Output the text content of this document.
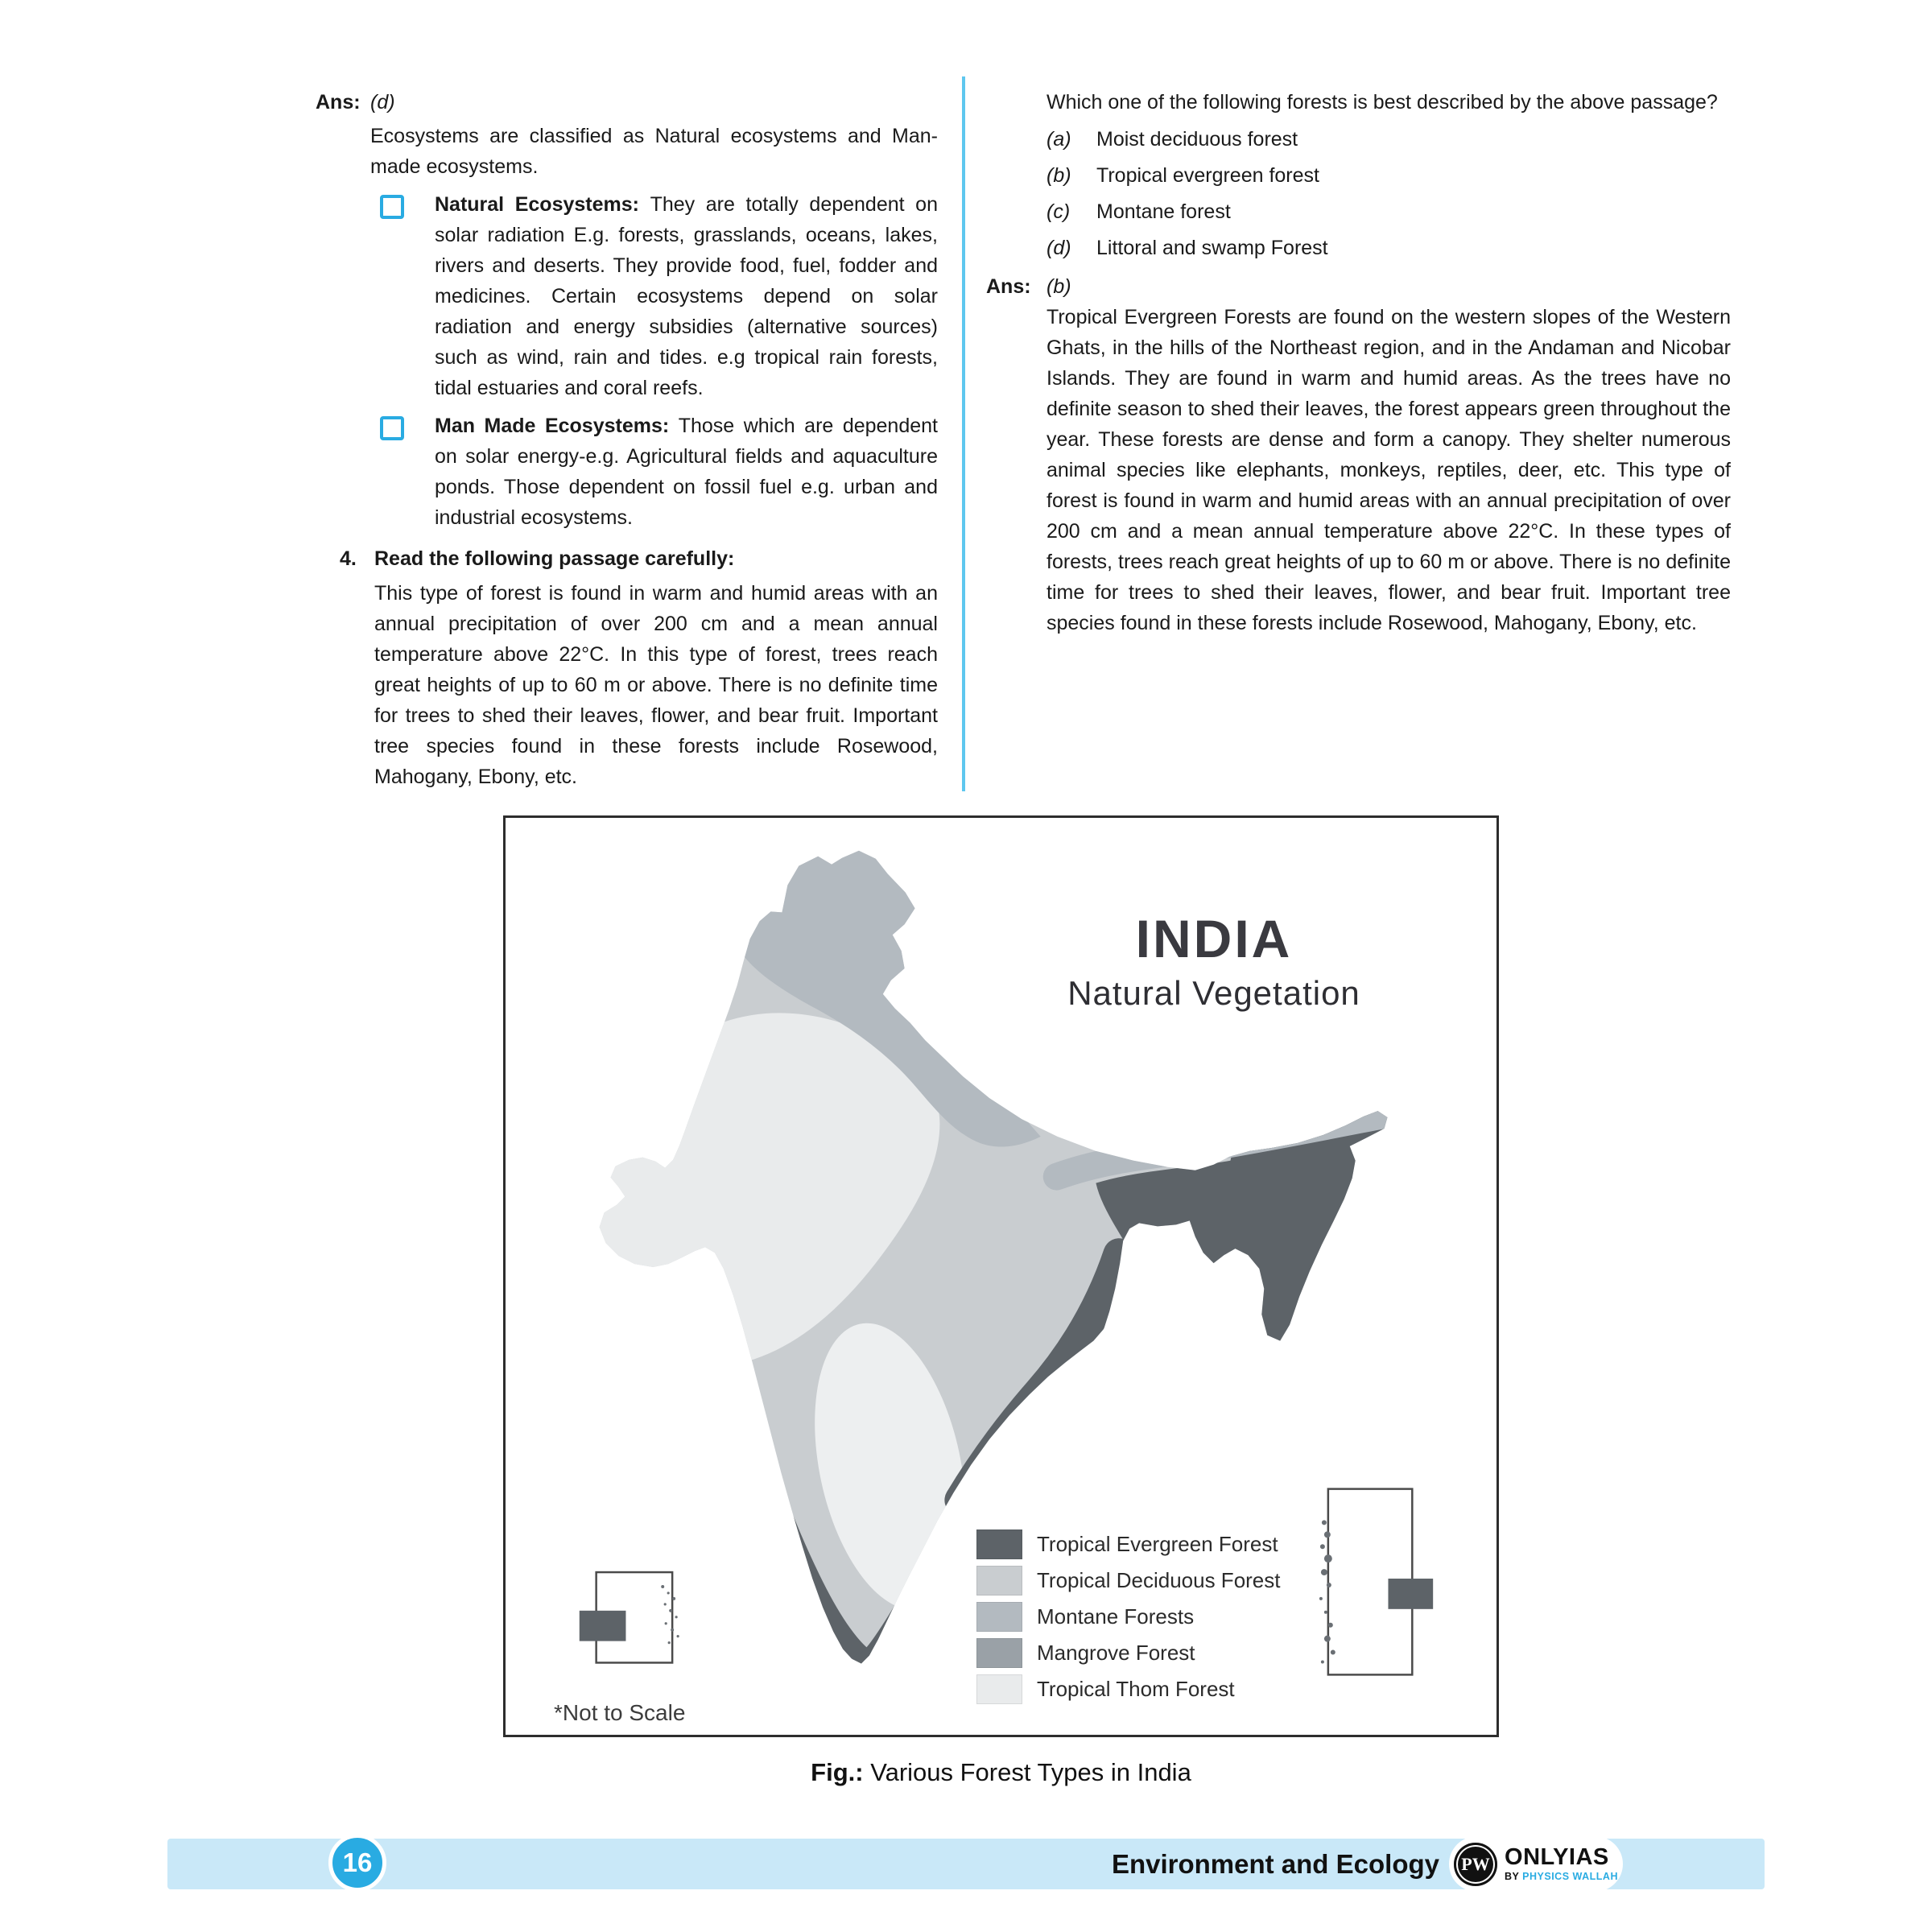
Ans: (d)
Ecosystems are classified as Natural ecosystems and Man-made ecosystems.
Natural Ecosystems: They are totally dependent on solar radiation E.g. forests, grasslands, oceans, lakes, rivers and deserts. They provide food, fuel, fodder and medicines. Certain ecosystems depend on solar radiation and energy subsidies (alternative sources) such as wind, rain and tides. e.g tropical rain forests, tidal estuaries and coral reefs.
Man Made Ecosystems: Those which are dependent on solar energy-e.g. Agricultural fields and aquaculture ponds. Those dependent on fossil fuel e.g. urban and industrial ecosystems.
4. Read the following passage carefully:
This type of forest is found in warm and humid areas with an annual precipitation of over 200 cm and a mean annual temperature above 22°C. In this type of forest, trees reach great heights of up to 60 m or above. There is no definite time for trees to shed their leaves, flower, and bear fruit. Important tree species found in these forests include Rosewood, Mahogany, Ebony, etc.
Which one of the following forests is best described by the above passage?
(a)	Moist deciduous forest
(b)	Tropical evergreen forest
(c)	Montane forest
(d)	Littoral and swamp Forest
Ans: (b)
Tropical Evergreen Forests are found on the western slopes of the Western Ghats, in the hills of the Northeast region, and in the Andaman and Nicobar Islands. They are found in warm and humid areas. As the trees have no definite season to shed their leaves, the forest appears green throughout the year. These forests are dense and form a canopy. They shelter numerous animal species like elephants, monkeys, reptiles, deer, etc. This type of forest is found in warm and humid areas with an annual precipitation of over 200 cm and a mean annual temperature above 22°C. In these types of forests, trees reach great heights of up to 60 m or above. There is no definite time for trees to shed their leaves, flower, and bear fruit. Important tree species found in these forests include Rosewood, Mahogany, Ebony, etc.
INDIA
Natural Vegetation
Tropical Evergreen Forest
Tropical Deciduous Forest
Montane Forests
Mangrove Forest
Tropical Thom Forest
*Not to Scale
Fig.: Various Forest Types in India
16	Environment and Ecology	PW ONLYIAS
BY PHYSICS WALLAH
